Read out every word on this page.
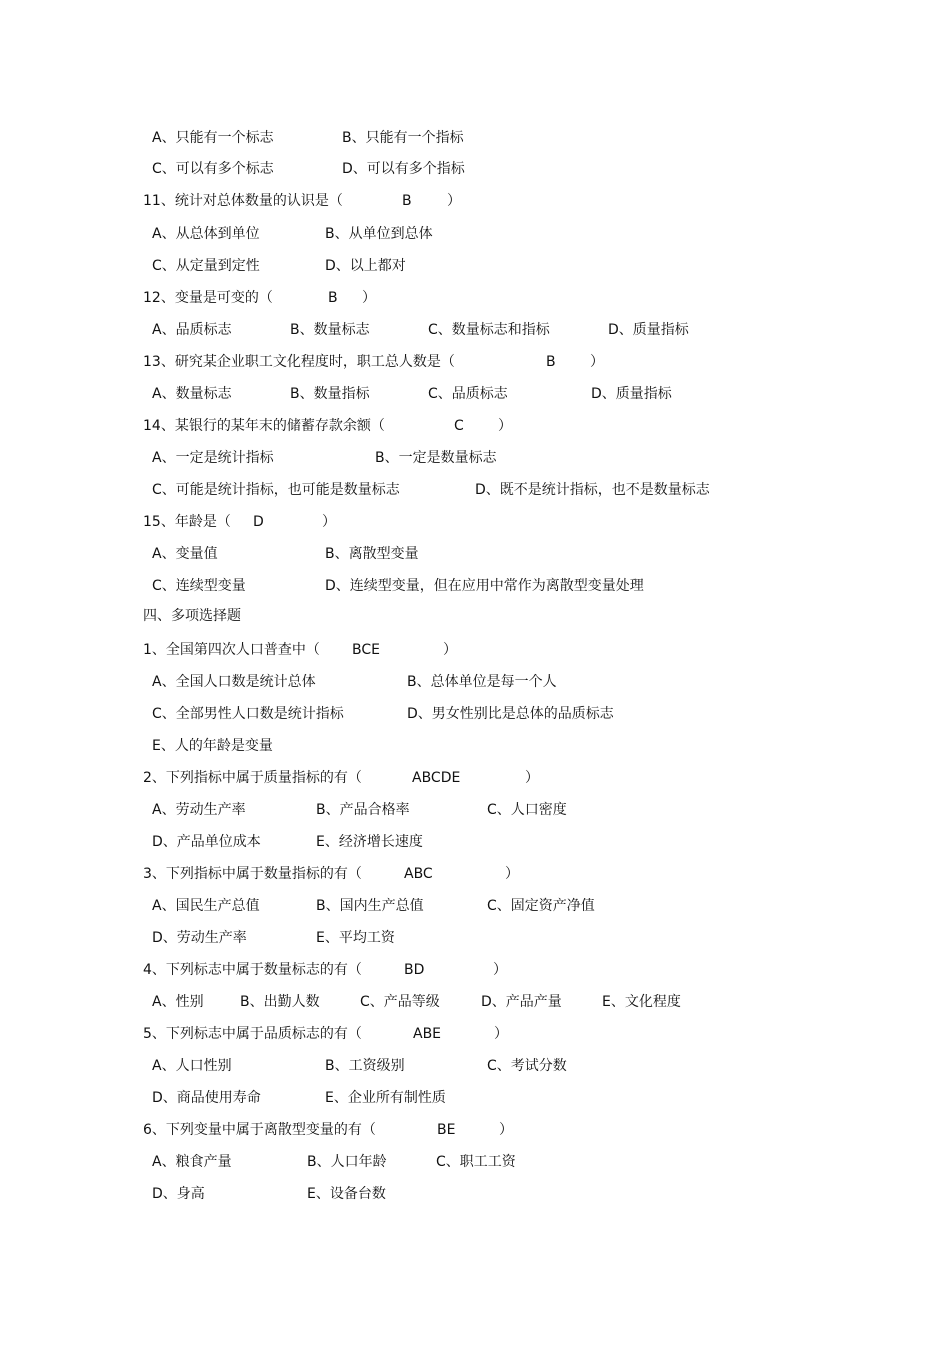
A、只能有一个标志	B、只能有一个指标
C、可以有多个标志	D、可以有多个指标
11、统计对总体数量的认识是（	B	）
A、从总体到单位	B、从单位到总体
C、从定量到定性	D、以上都对
12、变量是可变的（	B ）
A、品质标志	B、数量标志	C、数量标志和指标	D、质量指标
13、研究某企业职工文化程度时，职工总人数是（	B ）
A、数量标志	B、数量指标	C、品质标志	D、质量指标
14、某银行的某年末的储蓄存款余额（	C ）
A、一定是统计指标	B、一定是数量标志
C、可能是统计指标，也可能是数量标志	D、既不是统计指标，也不是数量标志
15、年龄是（ D	）
A、变量值	B、离散型变量
C、连续型变量	D、连续型变量，但在应用中常作为离散型变量处理
四、多项选择题
1、全国第四次人口普查中（ BCE	）
A、全国人口数是统计总体	B、总体单位是每一个人
C、全部男性人口数是统计指标	D、男女性别比是总体的品质标志
E、人的年龄是变量
2、下列指标中属于质量指标的有（	ABCDE	）
A、劳动生产率	B、产品合格率	C、人口密度
D、产品单位成本	E、经济增长速度
3、下列指标中属于数量指标的有（	ABC	）
A、国民生产总值	B、国内生产总值	C、固定资产净值
D、劳动生产率	E、平均工资
4、下列标志中属于数量标志的有（	BD	）
A、性别	B、出勤人数	C、产品等级	D、产品产量	E、文化程度
5、下列标志中属于品质标志的有（	ABE	）
A、人口性别	B、工资级别	C、考试分数
D、商品使用寿命	E、企业所有制性质
6、下列变量中属于离散型变量的有（	BE	）
A、粮食产量	B、人口年龄	C、职工工资
D、身高	E、设备台数
